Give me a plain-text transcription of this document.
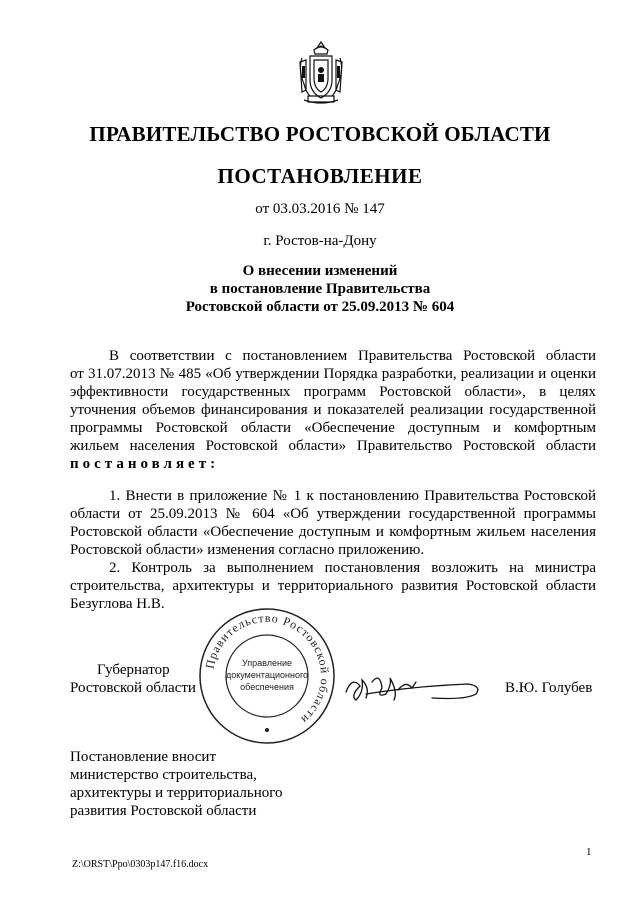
ПРАВИТЕЛЬСТВО РОСТОВСКОЙ ОБЛАСТИ
ПОСТАНОВЛЕНИЕ
от 03.03.2016 № 147
г. Ростов-на-Дону
О внесении изменений
в постановление Правительства
Ростовской области от 25.09.2013 № 604
В соответствии с постановлением Правительства Ростовской области
от 31.07.2013 № 485 «Об утверждении Порядка разработки, реализации и оценки
эффективности государственных программ Ростовской области», в целях
уточнения объемов финансирования и показателей реализации государственной
программы Ростовской области «Обеспечение доступным и комфортным
жильем населения Ростовской области» Правительство Ростовской области
постановляет:
1. Внести в приложение № 1 к постановлению Правительства Ростовской
области от 25.09.2013 № 604 «Об утверждении государственной программы
Ростовской области «Обеспечение доступным и комфортным жильем населения
Ростовской области» изменения согласно приложению.
2. Контроль за выполнением постановления возложить на министра
строительства, архитектуры и территориального развития Ростовской области
Безуглова Н.В.
Губернатор
Ростовской области
Правительство Ростовской области
Управление
документационного
обеспечения	В.Ю. Голубев
Постановление вносит
министерство строительства,
архитектуры и территориального
развития Ростовской области
1
Z:\ORST\Ppo\0303p147.f16.docx
